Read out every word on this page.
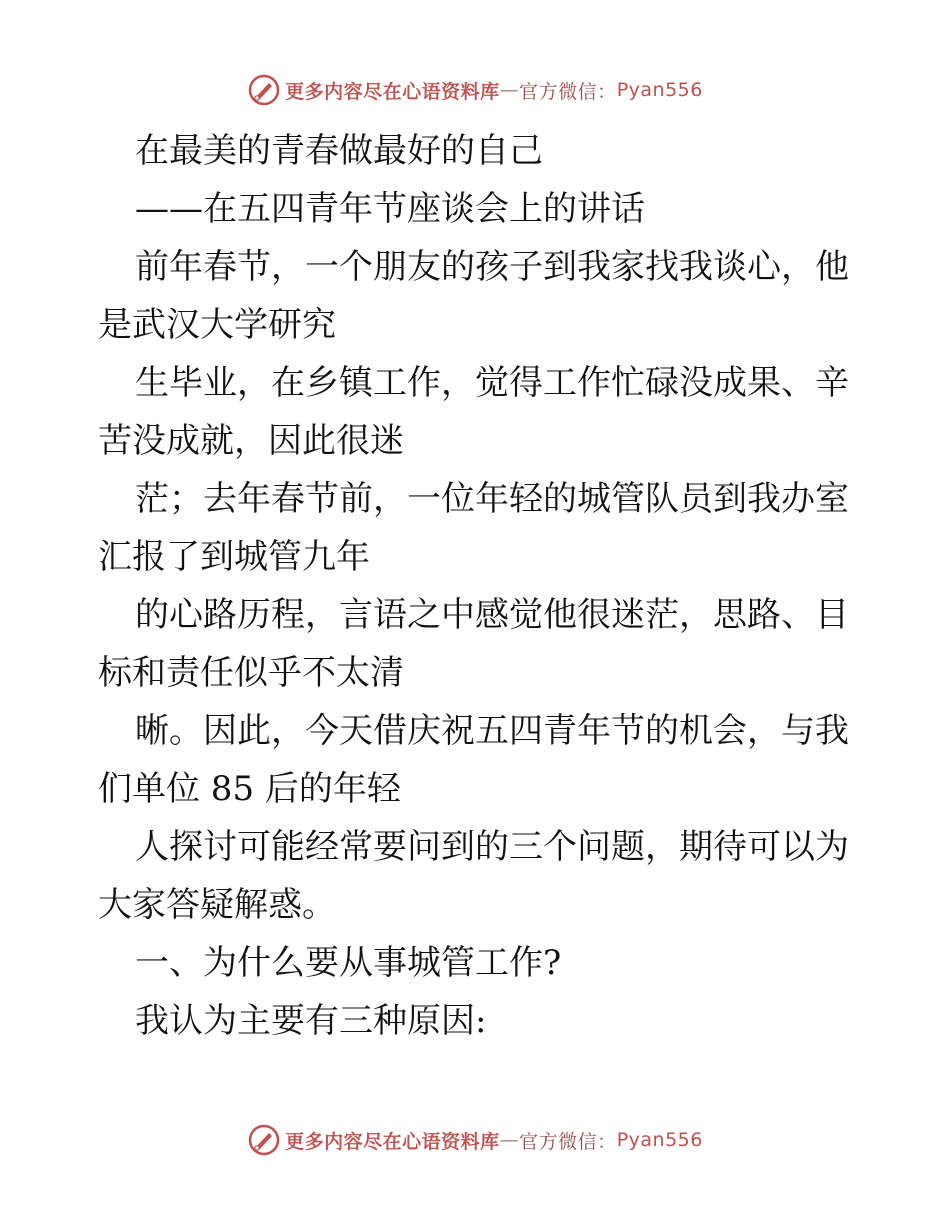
更多内容尽在心语资料库 — 官方微信： Pyan556
在最美的青春做最好的自己
——在五四青年节座谈会上的讲话
前年春节，一个朋友的孩子到我家找我谈心，他
是武汉大学研究
生毕业，在乡镇工作，觉得工作忙碌没成果、辛
苦没成就，因此很迷
茫；去年春节前，一位年轻的城管队员到我办室
汇报了到城管九年
的心路历程，言语之中感觉他很迷茫，思路、目
标和责任似乎不太清
晰。因此，今天借庆祝五四青年节的机会，与我
们单位 85 后的年轻
人探讨可能经常要问到的三个问题，期待可以为
大家答疑解惑。
一、为什么要从事城管工作?
我认为主要有三种原因:
更多内容尽在心语资料库 — 官方微信： Pyan556
